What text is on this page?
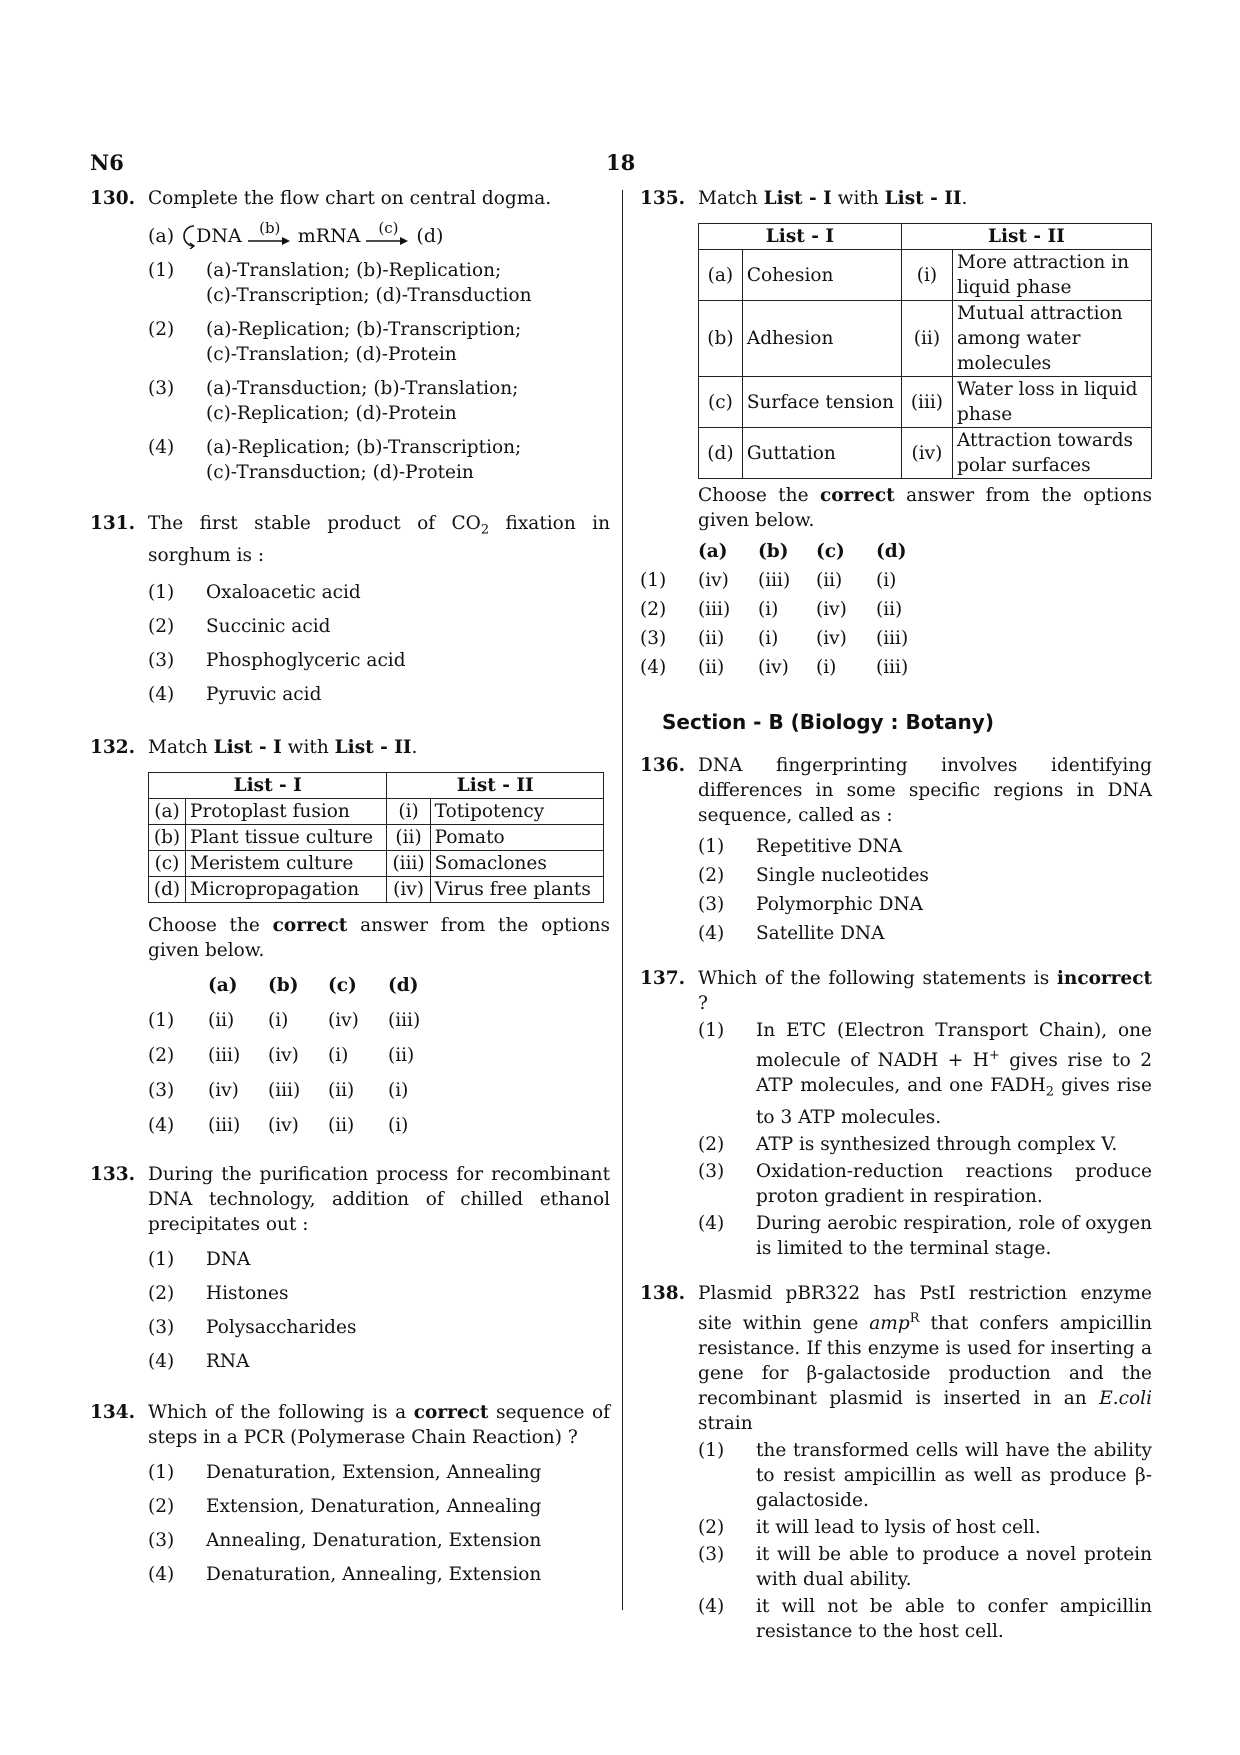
N6	18
130. Complete the flow chart on central dogma.
(a) DNA	(b) mRNA	(c) (d)
(1) (a)-Translation; (b)-Replication;
(c)-Transcription; (d)-Transduction
(2) (a)-Replication; (b)-Transcription;
(c)-Translation; (d)-Protein
(3) (a)-Transduction; (b)-Translation;
(c)-Replication; (d)-Protein
(4) (a)-Replication; (b)-Transcription;
(c)-Transduction; (d)-Protein
131. The first stable product of $CO_2$ fixation in sorghum is :
(1) Oxaloacetic acid
(2) Succinic acid
(3) Phosphoglyceric acid
(4) Pyruvic acid
132. Match List - I with List - II.
List - I		List - II	
(a)	Protoplast fusion	(i)	Totipotency
(b)	Plant tissue culture	(ii)	Pomato
(c)	Meristem culture	(iii)	Somaclones
(d)	Micropropagation	(iv)	Virus free plants
Choose the correct answer from the options given below.
	(a)	(b)	(c)	(d)
(1)	(ii)	(i)	(iv)	(iii)
(2)	(iii)	(iv)	(i)	(ii)
(3)	(iv)	(iii)	(ii)	(i)
(4)	(iii)	(iv)	(ii)	(i)
133. During the purification process for recombinant DNA technology, addition of chilled ethanol precipitates out :
(1) DNA
(2) Histones
(3) Polysaccharides
(4) RNA
134. Which of the following is a correct sequence of steps in a PCR (Polymerase Chain Reaction) ?
(1) Denaturation, Extension, Annealing
(2) Extension, Denaturation, Annealing
(3) Annealing, Denaturation, Extension
(4) Denaturation, Annealing, Extension
135. Match List - I with List - II.
List - I		List - II	
(a)	Cohesion	(i)	More attraction in liquid phase
(b)	Adhesion	(ii)	Mutual attraction among water molecules
(c)	Surface tension	(iii)	Water loss in liquid phase
(d)	Guttation	(iv)	Attraction towards polar surfaces
Choose the correct answer from the options given below.
	(a)	(b)	(c)	(d)
(1)	(iv)	(iii)	(ii)	(i)
(2)	(iii)	(i)	(iv)	(ii)
(3)	(ii)	(i)	(iv)	(iii)
(4)	(ii)	(iv)	(i)	(iii)
Section - B (Biology : Botany)
136. DNA fingerprinting involves identifying differences in some specific regions in DNA sequence, called as :
(1) Repetitive DNA
(2) Single nucleotides
(3) Polymorphic DNA
(4) Satellite DNA
137. Which of the following statements is incorrect ?
(1) In ETC (Electron Transport Chain), one molecule of NADH + H+ gives rise to 2 ATP molecules, and one $FADH_2$ gives rise to 3 ATP molecules.
(2) ATP is synthesized through complex V.
(3) Oxidation-reduction reactions produce proton gradient in respiration.
(4) During aerobic respiration, role of oxygen is limited to the terminal stage.
138. Plasmid pBR322 has PstI restriction enzyme site within gene amp$^R$ that confers ampicillin resistance. If this enzyme is used for inserting a gene for β-galactoside production and the recombinant plasmid is inserted in an E.coli strain
(1) the transformed cells will have the ability to resist ampicillin as well as produce β-galactoside.
(2) it will lead to lysis of host cell.
(3) it will be able to produce a novel protein with dual ability.
(4) it will not be able to confer ampicillin resistance to the host cell.
